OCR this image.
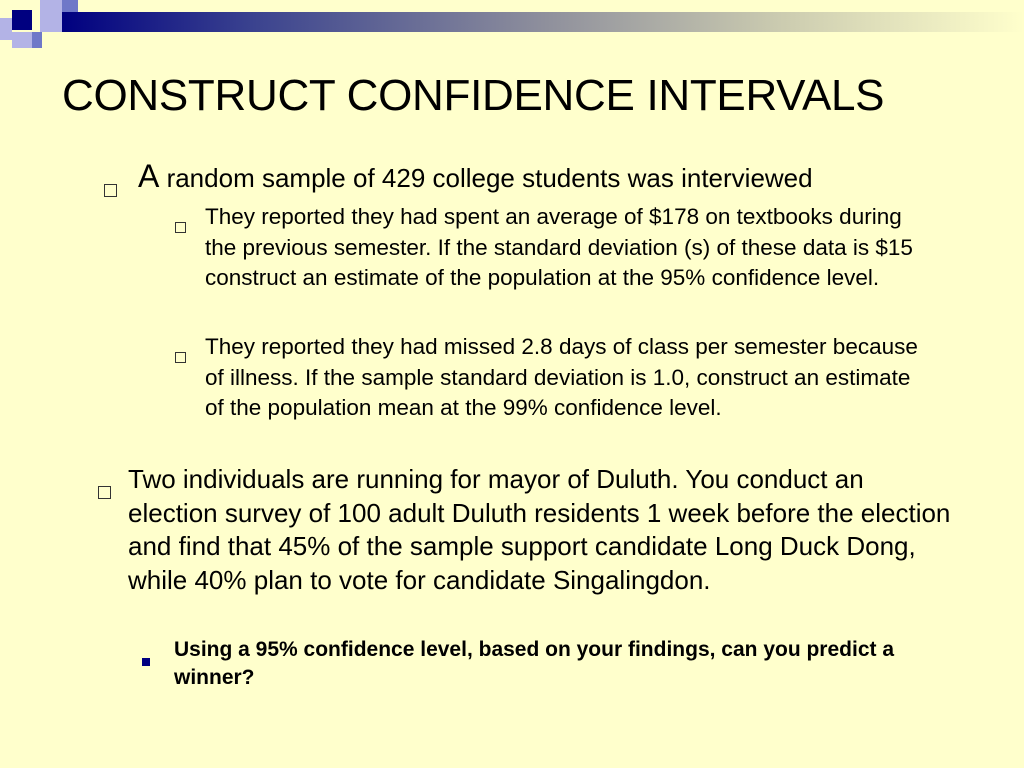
CONSTRUCT CONFIDENCE INTERVALS
A random sample of 429 college students was interviewed
They reported they had spent an average of $178 on textbooks during the previous semester. If the standard deviation (s) of these data is $15 construct an estimate of the population at the 95% confidence level.
They reported they had missed 2.8 days of class per semester because of illness. If the sample standard deviation is 1.0, construct an estimate of the population mean at the 99% confidence level.
Two individuals are running for mayor of Duluth. You conduct an election survey of 100 adult Duluth residents 1 week before the election and find that 45% of the sample support candidate Long Duck Dong, while 40% plan to vote for candidate Singalingdon.
Using a 95% confidence level, based on your findings, can you predict a winner?
